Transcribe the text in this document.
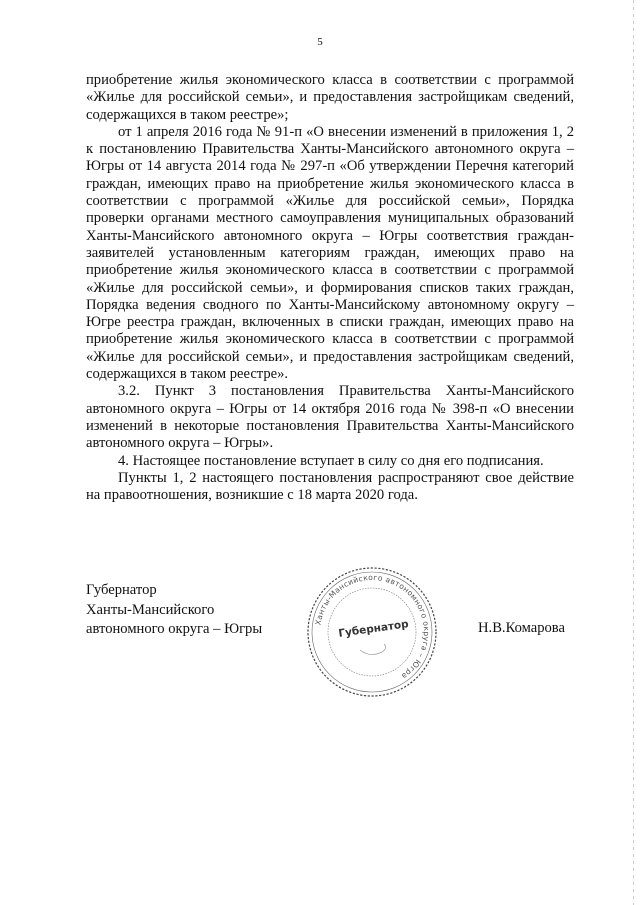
5

приобретение жилья экономического класса в соответствии с программой «Жилье для российской семьи», и предоставления застройщикам сведений, содержащихся в таком реестре»;

от 1 апреля 2016 года № 91-п «О внесении изменений в приложения 1, 2 к постановлению Правительства Ханты-Мансийского автономного округа – Югры от 14 августа 2014 года № 297-п «Об утверждении Перечня категорий граждан, имеющих право на приобретение жилья экономического класса в соответствии с программой «Жилье для российской семьи», Порядка проверки органами местного самоуправления муниципальных образований Ханты-Мансийского автономного округа – Югры соответствия граждан-заявителей установленным категориям граждан, имеющих право на приобретение жилья экономического класса в соответствии с программой «Жилье для российской семьи», и формирования списков таких граждан, Порядка ведения сводного по Ханты-Мансийскому автономному округу – Югре реестра граждан, включенных в списки граждан, имеющих право на приобретение жилья экономического класса в соответствии с программой «Жилье для российской семьи», и предоставления застройщикам сведений, содержащихся в таком реестре».

3.2. Пункт 3 постановления Правительства Ханты-Мансийского автономного округа – Югры от 14 октября 2016 года № 398-п «О внесении изменений в некоторые постановления Правительства Ханты-Мансийского автономного округа – Югры».

4. Настоящее постановление вступает в силу со дня его подписания.

Пункты 1, 2 настоящего постановления распространяют свое действие на правоотношения, возникшие с 18 марта 2020 года.

Губернатор
Ханты-Мансийского
автономного округа – Югры	Ханты-Мансийского автономного округа – Югра
Губернатор	Н.В.Комарова
